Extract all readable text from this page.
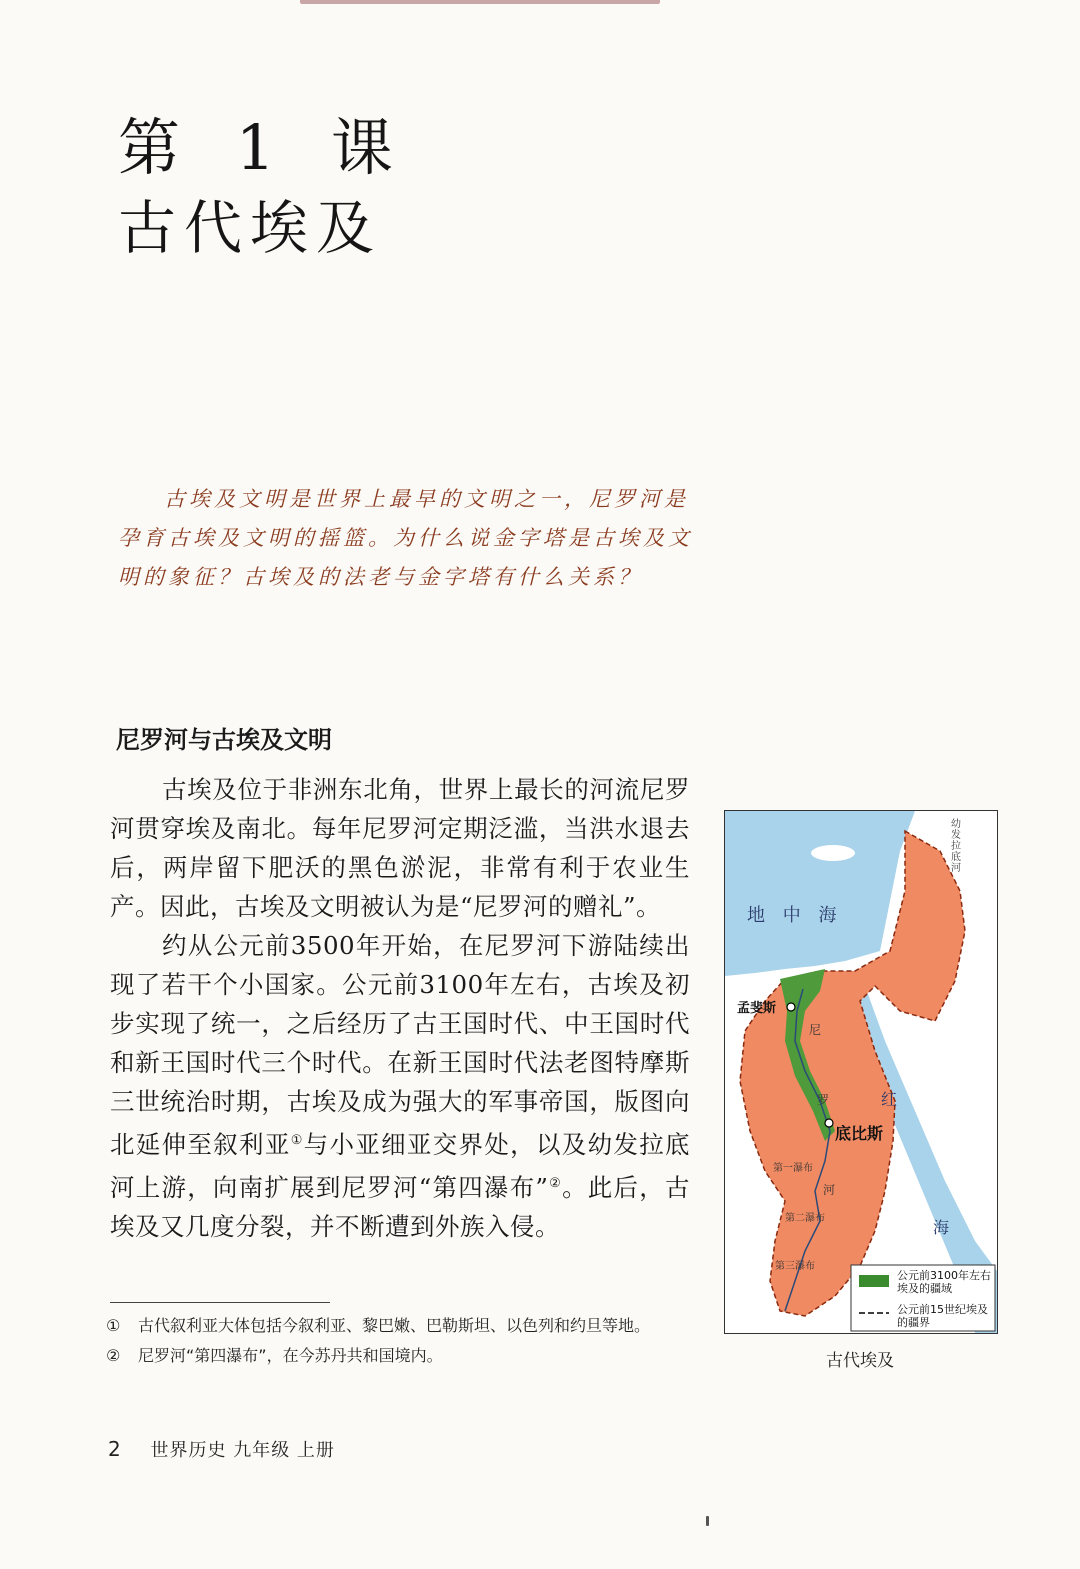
第 1 课
古代埃及
古埃及文明是世界上最早的文明之一，尼罗河是孕育古埃及文明的摇篮。为什么说金字塔是古埃及文明的象征？古埃及的法老与金字塔有什么关系？
尼罗河与古埃及文明

古埃及位于非洲东北角，世界上最长的河流尼罗河贯穿埃及南北。每年尼罗河定期泛滥，当洪水退去后，两岸留下肥沃的黑色淤泥，非常有利于农业生产。因此，古埃及文明被认为是“尼罗河的赠礼”。

约从公元前3500年开始，在尼罗河下游陆续出现了若干个小国家。公元前3100年左右，古埃及初步实现了统一，之后经历了古王国时代、中王国时代和新王国时代三个时代。在新王国时代法老图特摩斯三世统治时期，古埃及成为强大的军事帝国，版图向北延伸至叙利亚①与小亚细亚交界处，以及幼发拉底河上游，向南扩展到尼罗河“第四瀑布”②。此后，古埃及又几度分裂，并不断遭到外族入侵。

① 古代叙利亚大体包括今叙利亚、黎巴嫩、巴勒斯坦、以色列和约旦等地。

② 尼罗河“第四瀑布”，在今苏丹共和国境内。

地 中 海
幼发拉底河
孟斐斯
底比斯
尼
罗
河
红
海
第一瀑布
第二瀑布
第三瀑布
公元前3100年左右埃及的疆域
公元前15世纪埃及的疆界
古代埃及
2 世界历史 九年级 上册
